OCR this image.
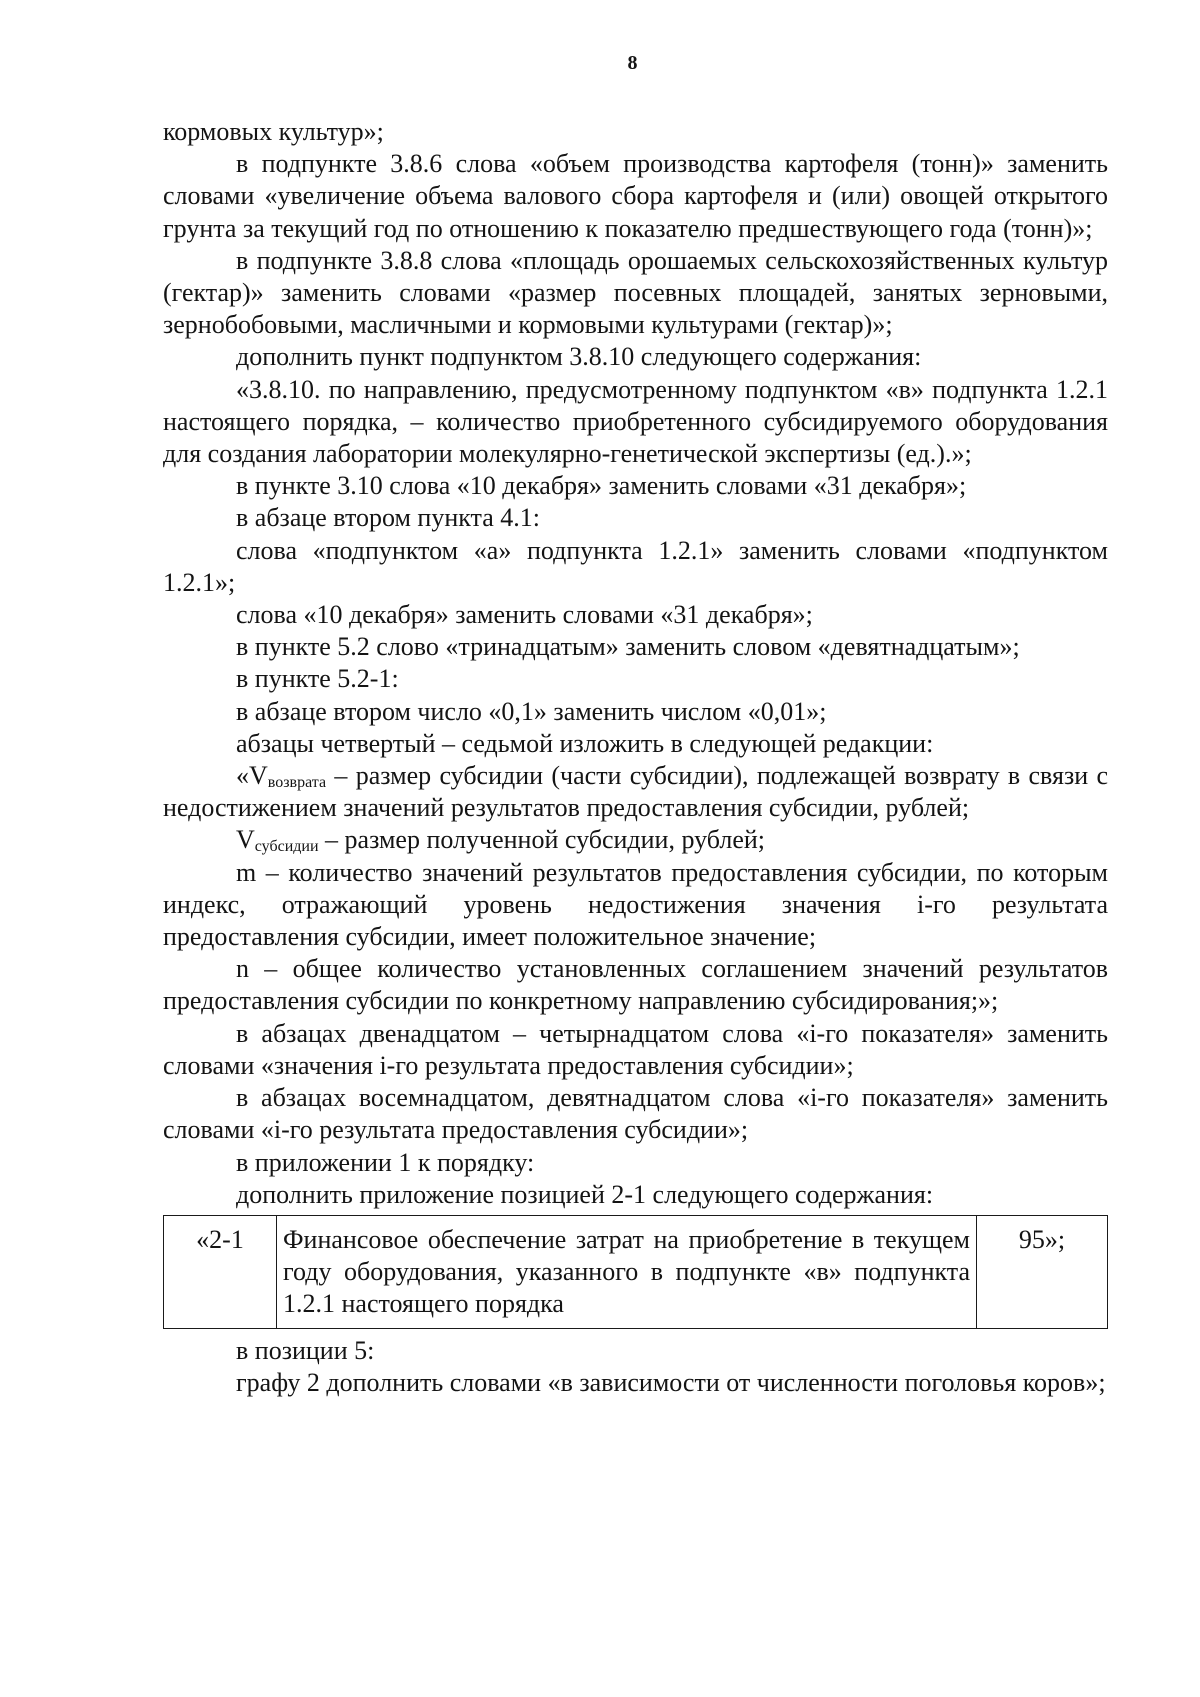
8

кормовых культур»;

в подпункте 3.8.6 слова «объем производства картофеля (тонн)» заменить словами «увеличение объема валового сбора картофеля и (или) овощей открытого грунта за текущий год по отношению к показателю предшествующего года (тонн)»;

в подпункте 3.8.8 слова «площадь орошаемых сельскохозяйственных культур (гектар)» заменить словами «размер посевных площадей, занятых зерновыми, зернобобовыми, масличными и кормовыми культурами (гектар)»;

дополнить пункт подпунктом 3.8.10 следующего содержания:

«3.8.10. по направлению, предусмотренному подпунктом «в» подпункта 1.2.1 настоящего порядка, – количество приобретенного субсидируемого оборудования для создания лаборатории молекулярно-генетической экспертизы (ед.).»;

в пункте 3.10 слова «10 декабря» заменить словами «31 декабря»;

в абзаце втором пункта 4.1:

слова «подпунктом «а» подпункта 1.2.1» заменить словами «подпунктом 1.2.1»;

слова «10 декабря» заменить словами «31 декабря»;

в пункте 5.2 слово «тринадцатым» заменить словом «девятнадцатым»;

в пункте 5.2-1:

в абзаце втором число «0,1» заменить числом «0,01»;

абзацы четвертый – седьмой изложить в следующей редакции:

«$V_{возврата}$ – размер субсидии (части субсидии), подлежащей возврату в связи с недостижением значений результатов предоставления субсидии, рублей;

$V_{субсидии}$ – размер полученной субсидии, рублей;

m – количество значений результатов предоставления субсидии, по которым индекс, отражающий уровень недостижения значения i-го результата предоставления субсидии, имеет положительное значение;

n – общее количество установленных соглашением значений результатов предоставления субсидии по конкретному направлению субсидирования;»;

в абзацах двенадцатом – четырнадцатом слова «i-го показателя» заменить словами «значения i-го результата предоставления субсидии»;

в абзацах восемнадцатом, девятнадцатом слова «i-го показателя» заменить словами «i-го результата предоставления субсидии»;

в приложении 1 к порядку:

дополнить приложение позицией 2-1 следующего содержания:

«2-1	Финансовое обеспечение затрат на приобретение в текущем году оборудования, указанного в подпункте «в» подпункта 1.2.1 настоящего порядка	95»;

в позиции 5:

графу 2 дополнить словами «в зависимости от численности поголовья коров»;
